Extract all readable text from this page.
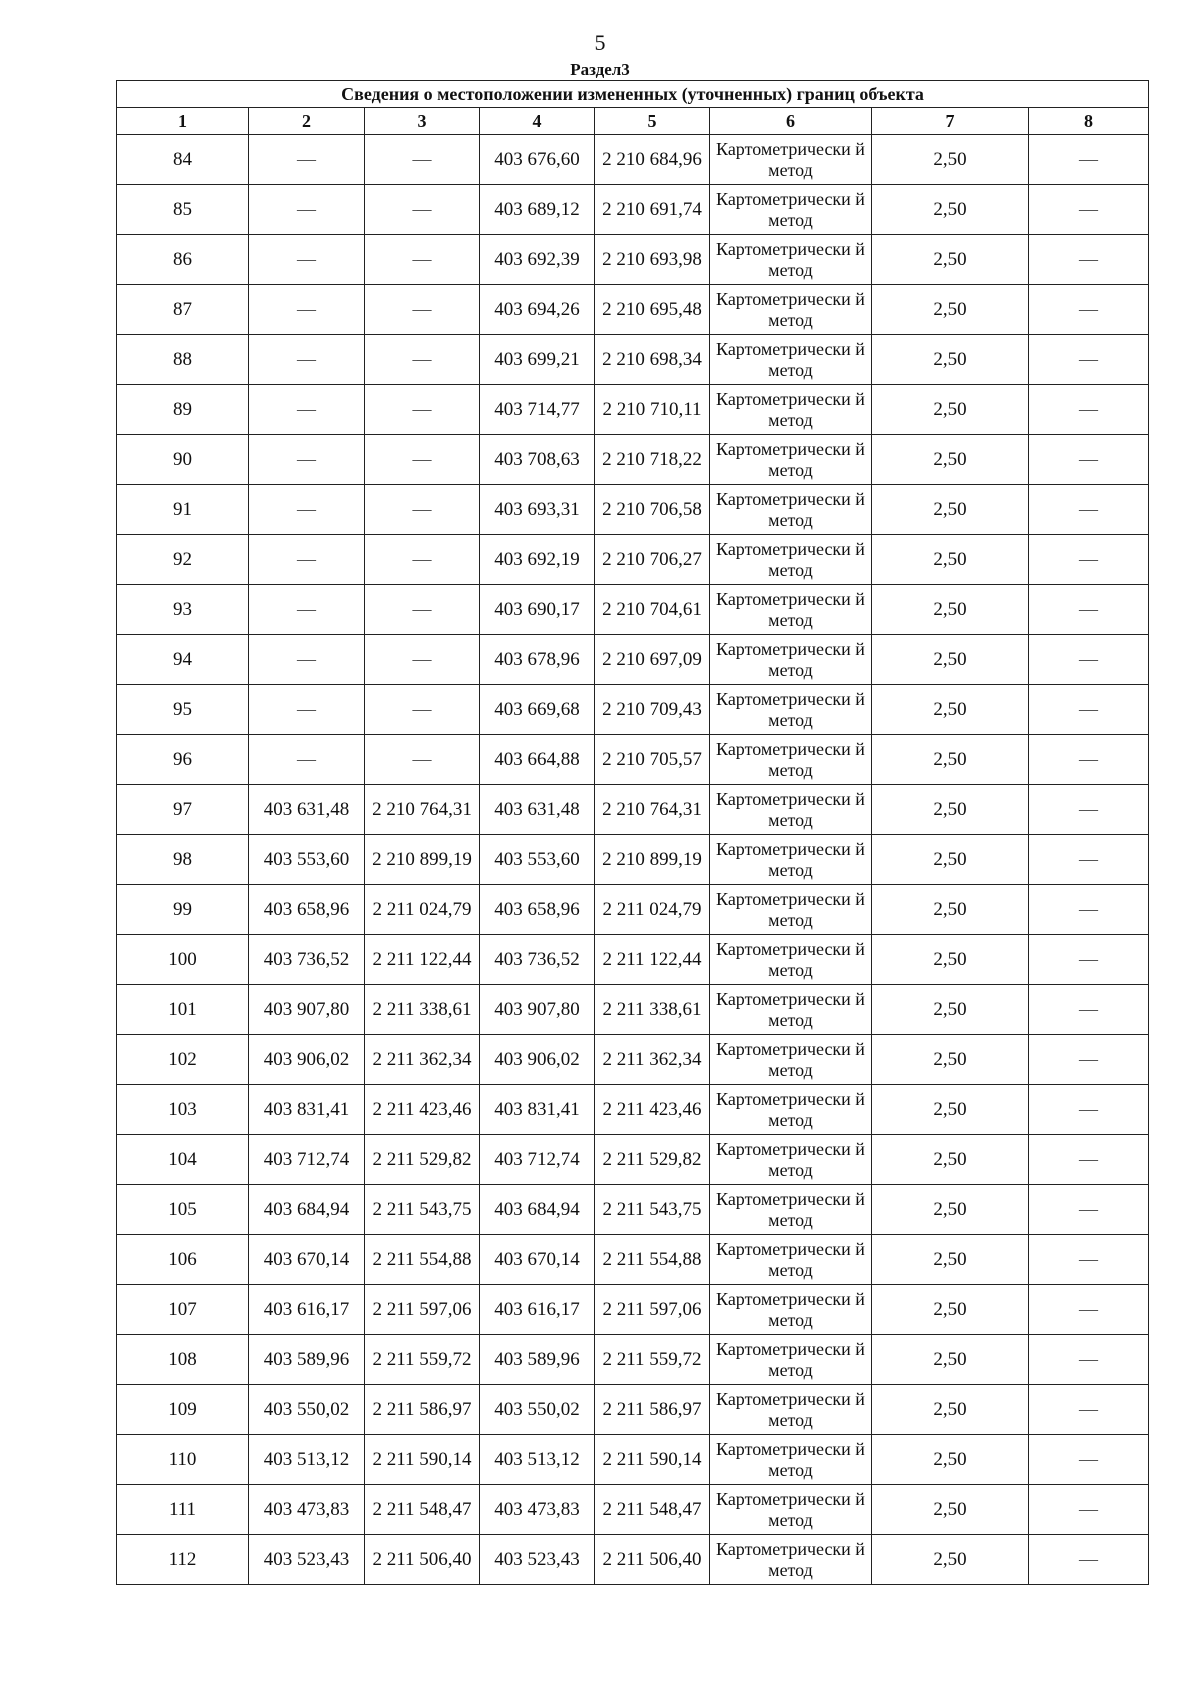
5
Раздел3
Сведения о местоположении измененных (уточненных) границ объекта							
1	2	3	4	5	6	7	8
84	—	—	403 676,60	2 210 684,96	Картометрически й метод	2,50	—
85	—	—	403 689,12	2 210 691,74	Картометрически й метод	2,50	—
86	—	—	403 692,39	2 210 693,98	Картометрически й метод	2,50	—
87	—	—	403 694,26	2 210 695,48	Картометрически й метод	2,50	—
88	—	—	403 699,21	2 210 698,34	Картометрически й метод	2,50	—
89	—	—	403 714,77	2 210 710,11	Картометрически й метод	2,50	—
90	—	—	403 708,63	2 210 718,22	Картометрически й метод	2,50	—
91	—	—	403 693,31	2 210 706,58	Картометрически й метод	2,50	—
92	—	—	403 692,19	2 210 706,27	Картометрически й метод	2,50	—
93	—	—	403 690,17	2 210 704,61	Картометрически й метод	2,50	—
94	—	—	403 678,96	2 210 697,09	Картометрически й метод	2,50	—
95	—	—	403 669,68	2 210 709,43	Картометрически й метод	2,50	—
96	—	—	403 664,88	2 210 705,57	Картометрически й метод	2,50	—
97	403 631,48	2 210 764,31	403 631,48	2 210 764,31	Картометрически й метод	2,50	—
98	403 553,60	2 210 899,19	403 553,60	2 210 899,19	Картометрически й метод	2,50	—
99	403 658,96	2 211 024,79	403 658,96	2 211 024,79	Картометрически й метод	2,50	—
100	403 736,52	2 211 122,44	403 736,52	2 211 122,44	Картометрически й метод	2,50	—
101	403 907,80	2 211 338,61	403 907,80	2 211 338,61	Картометрически й метод	2,50	—
102	403 906,02	2 211 362,34	403 906,02	2 211 362,34	Картометрически й метод	2,50	—
103	403 831,41	2 211 423,46	403 831,41	2 211 423,46	Картометрически й метод	2,50	—
104	403 712,74	2 211 529,82	403 712,74	2 211 529,82	Картометрически й метод	2,50	—
105	403 684,94	2 211 543,75	403 684,94	2 211 543,75	Картометрически й метод	2,50	—
106	403 670,14	2 211 554,88	403 670,14	2 211 554,88	Картометрически й метод	2,50	—
107	403 616,17	2 211 597,06	403 616,17	2 211 597,06	Картометрически й метод	2,50	—
108	403 589,96	2 211 559,72	403 589,96	2 211 559,72	Картометрически й метод	2,50	—
109	403 550,02	2 211 586,97	403 550,02	2 211 586,97	Картометрически й метод	2,50	—
110	403 513,12	2 211 590,14	403 513,12	2 211 590,14	Картометрически й метод	2,50	—
111	403 473,83	2 211 548,47	403 473,83	2 211 548,47	Картометрически й метод	2,50	—
112	403 523,43	2 211 506,40	403 523,43	2 211 506,40	Картометрически й метод	2,50	—
